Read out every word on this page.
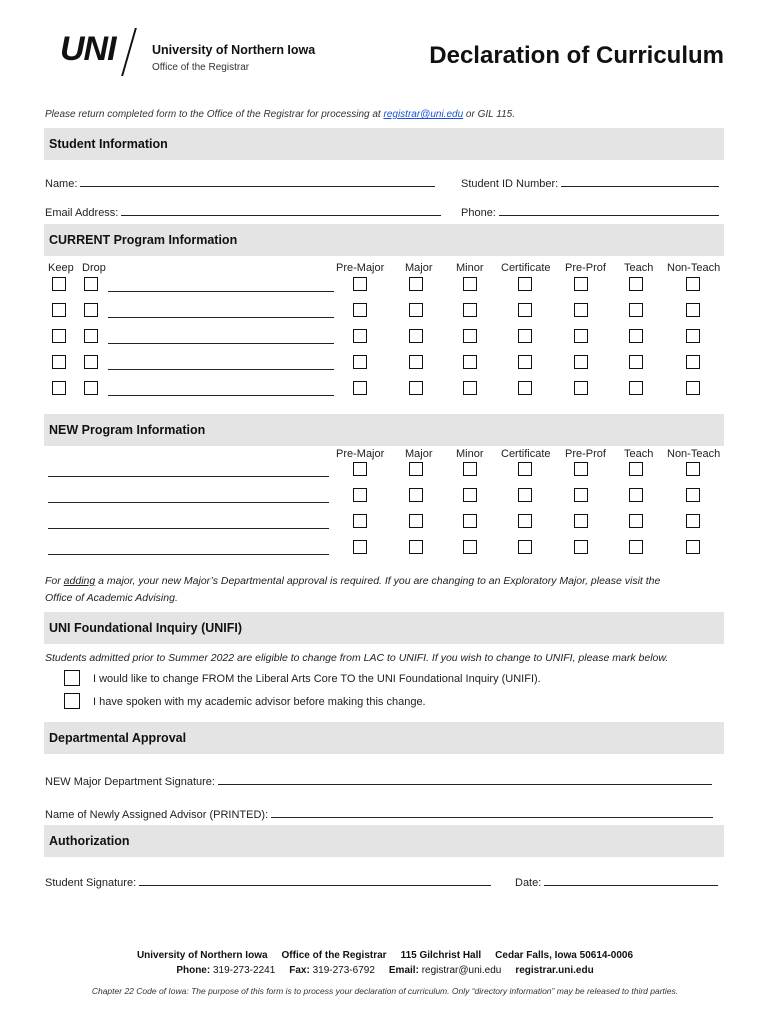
UNI	University of Northern Iowa
Office of the Registrar	Declaration of Curriculum
Please return completed form to the Office of the Registrar for processing at registrar@uni.edu or GIL 115.
Student Information
Name:	Student ID Number:
Email Address:	Phone:
CURRENT Program Information
Keep Drop	Pre-Major Major Minor Certificate Pre-Prof Teach Non-Teach
NEW Program Information
Pre-Major Major Minor Certificate Pre-Prof Teach Non-Teach
For adding a major, your new Major’s Departmental approval is required. If you are changing to an Exploratory Major, please visit the
Office of Academic Advising.
UNI Foundational Inquiry (UNIFI)
Students admitted prior to Summer 2022 are eligible to change from LAC to UNIFI. If you wish to change to UNIFI, please mark below.
I would like to change FROM the Liberal Arts Core TO the UNI Foundational Inquiry (UNIFI).
I have spoken with my academic advisor before making this change.
Departmental Approval
NEW Major Department Signature:
Name of Newly Assigned Advisor (PRINTED):
Authorization
Student Signature:	Date:
University of Northern Iowa Office of the Registrar 115 Gilchrist Hall Cedar Falls, Iowa 50614-0006
Phone: 319-273-2241 Fax: 319-273-6792 Email: registrar@uni.edu registrar.uni.edu
Chapter 22 Code of Iowa: The purpose of this form is to process your declaration of curriculum. Only “directory information” may be released to third parties.
